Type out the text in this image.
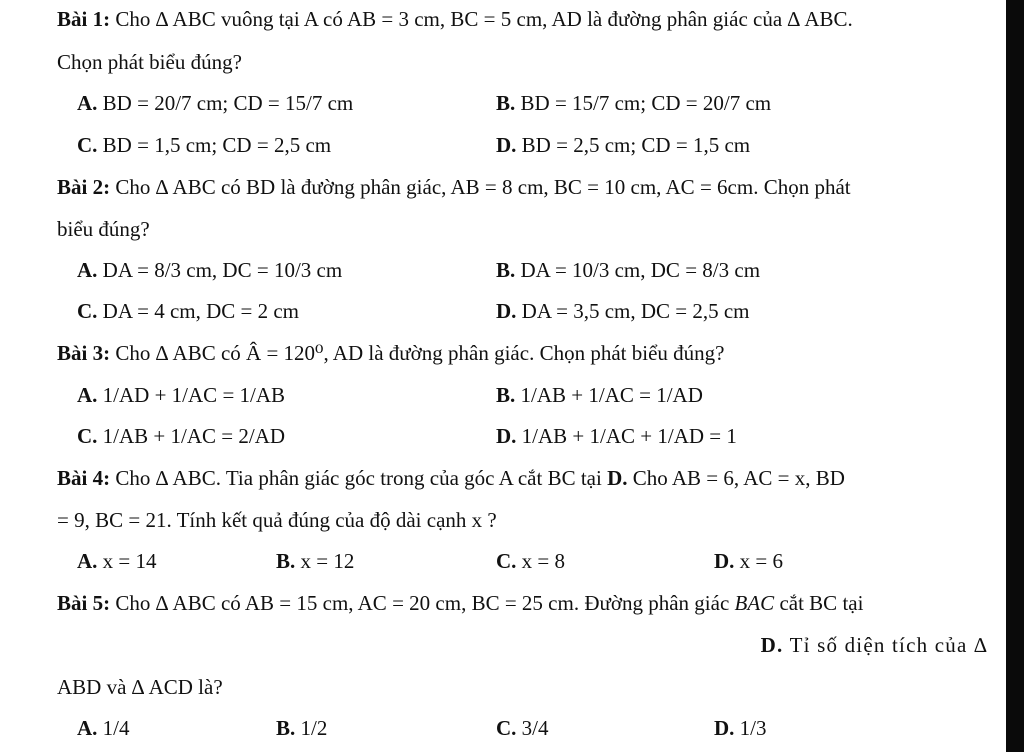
Bài 1: Cho ∆ ABC vuông tại A có AB = 3 cm, BC = 5 cm, AD là đường phân giác của ∆ ABC.
Chọn phát biểu đúng?
A. BD = 20/7 cm; CD = 15/7 cm	B. BD = 15/7 cm; CD = 20/7 cm
C. BD = 1,5 cm; CD = 2,5 cm	D. BD = 2,5 cm; CD = 1,5 cm
Bài 2: Cho ∆ ABC có BD là đường phân giác, AB = 8 cm, BC = 10 cm, AC = 6cm. Chọn phát
biểu đúng?
A. DA = 8/3 cm, DC = 10/3 cm	B. DA = 10/3 cm, DC = 8/3 cm
C. DA = 4 cm, DC = 2 cm	D. DA = 3,5 cm, DC = 2,5 cm
Bài 3: Cho ∆ ABC có Â = 120⁰, AD là đường phân giác. Chọn phát biểu đúng?
A. 1/AD + 1/AC = 1/AB	B. 1/AB + 1/AC = 1/AD
C. 1/AB + 1/AC = 2/AD	D. 1/AB + 1/AC + 1/AD = 1
Bài 4: Cho ∆ ABC. Tia phân giác góc trong của góc A cắt BC tại D. Cho AB = 6, AC = x, BD
= 9, BC = 21. Tính kết quả đúng của độ dài cạnh x ?
A. x = 14	B. x = 12	C. x = 8	D. x = 6
Bài 5: Cho ∆ ABC có AB = 15 cm, AC = 20 cm, BC = 25 cm. Đường phân giác BAC cắt BC tại
D. Tỉ số diện tích của ∆
ABD và ∆ ACD là?
A. 1/4	B. 1/2	C. 3/4	D. 1/3
